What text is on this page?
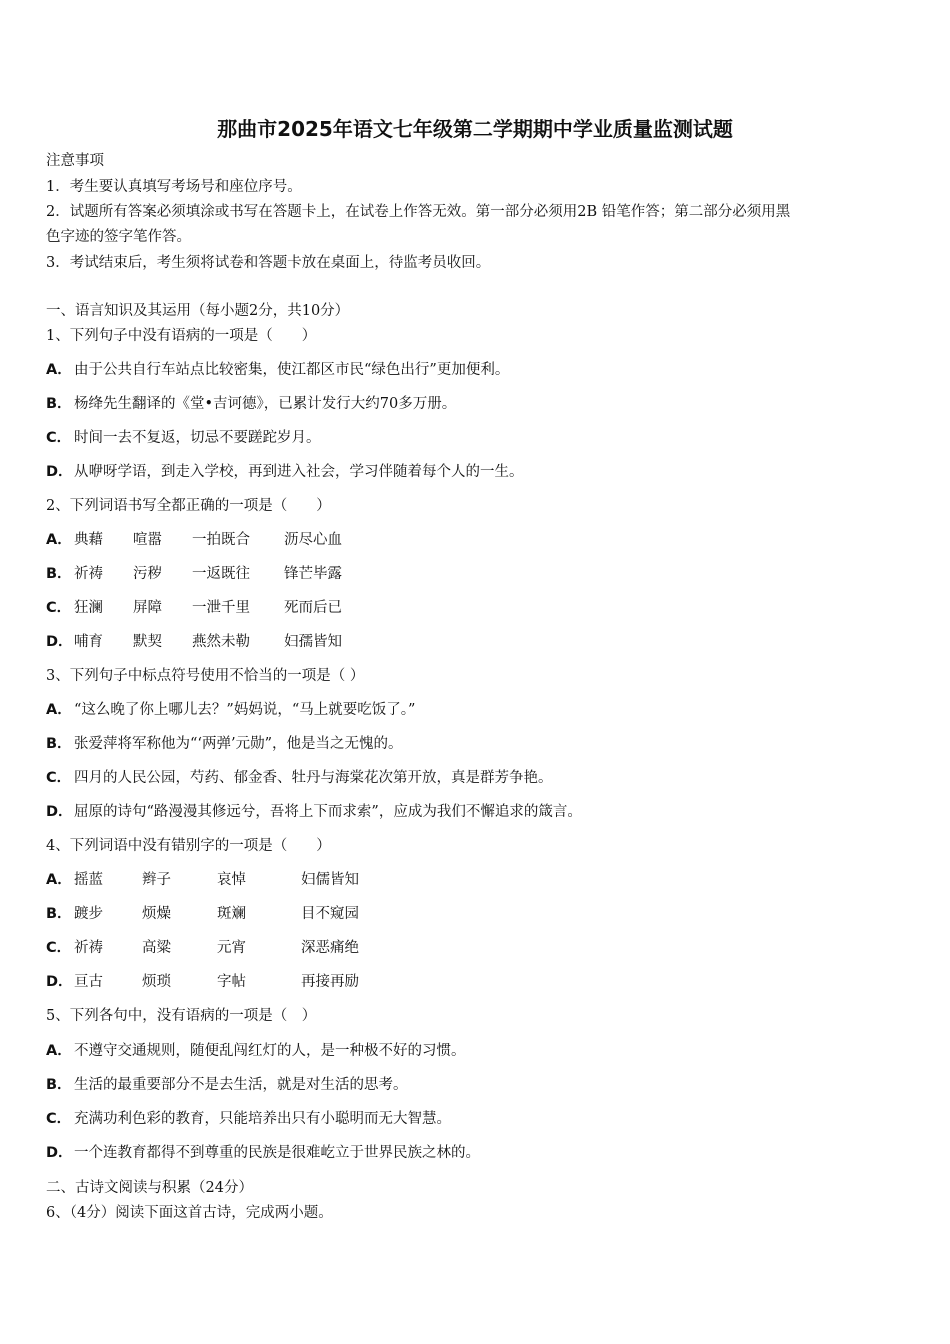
那曲市2025年语文七年级第二学期期中学业质量监测试题
注意事项
1．考生要认真填写考场号和座位序号。
2．试题所有答案必须填涂或书写在答题卡上，在试卷上作答无效。第一部分必须用2B 铅笔作答；第二部分必须用黑
色字迹的签字笔作答。
3．考试结束后，考生须将试卷和答题卡放在桌面上，待监考员收回。
一、语言知识及其运用（每小题2分，共10分）
1、下列句子中没有语病的一项是（　　）
A． 由于公共自行车站点比较密集，使江都区市民“绿色出行”更加便利。
B． 杨绛先生翻译的《堂•吉诃德》，已累计发行大约70多万册。
C． 时间一去不复返，切忌不要蹉跎岁月。
D．从咿呀学语，到走入学校，再到进入社会，学习伴随着每个人的一生。
2、下列词语书写全都正确的一项是（　　）
A． 典藉 喧嚣 一拍既合 沥尽心血
B． 祈祷 污秽 一返既往 锋芒毕露
C． 狂澜 屏障 一泄千里 死而后已
D． 哺育 默契 燕然未勒 妇孺皆知
3、下列句子中标点符号使用不恰当的一项是（ ）
A． “这么晚了你上哪儿去？”妈妈说，“马上就要吃饭了。”
B． 张爱萍将军称他为“‘两弹’元勋”，他是当之无愧的。
C． 四月的人民公园，芍药、郁金香、牡丹与海棠花次第开放，真是群芳争艳。
D．屈原的诗句“路漫漫其修远兮，吾将上下而求索”，应成为我们不懈追求的箴言。
4、下列词语中没有错别字的一项是（　　）
A． 摇蓝	辫子	哀悼	妇儒皆知
B． 踱步	烦燥	斑斓	目不窥园
C． 祈祷	高粱	元宵	深恶痛绝
D． 亘古	烦琐	字帖	再接再励
5、下列各句中，没有语病的一项是（　）
A． 不遵守交通规则，随便乱闯红灯的人，是一种极不好的习惯。
B． 生活的最重要部分不是去生活，就是对生活的思考。
C． 充满功利色彩的教育，只能培养出只有小聪明而无大智慧。
D．一个连教育都得不到尊重的民族是很难屹立于世界民族之林的。
二、古诗文阅读与积累（24分）
6、（4分）阅读下面这首古诗，完成两小题。
